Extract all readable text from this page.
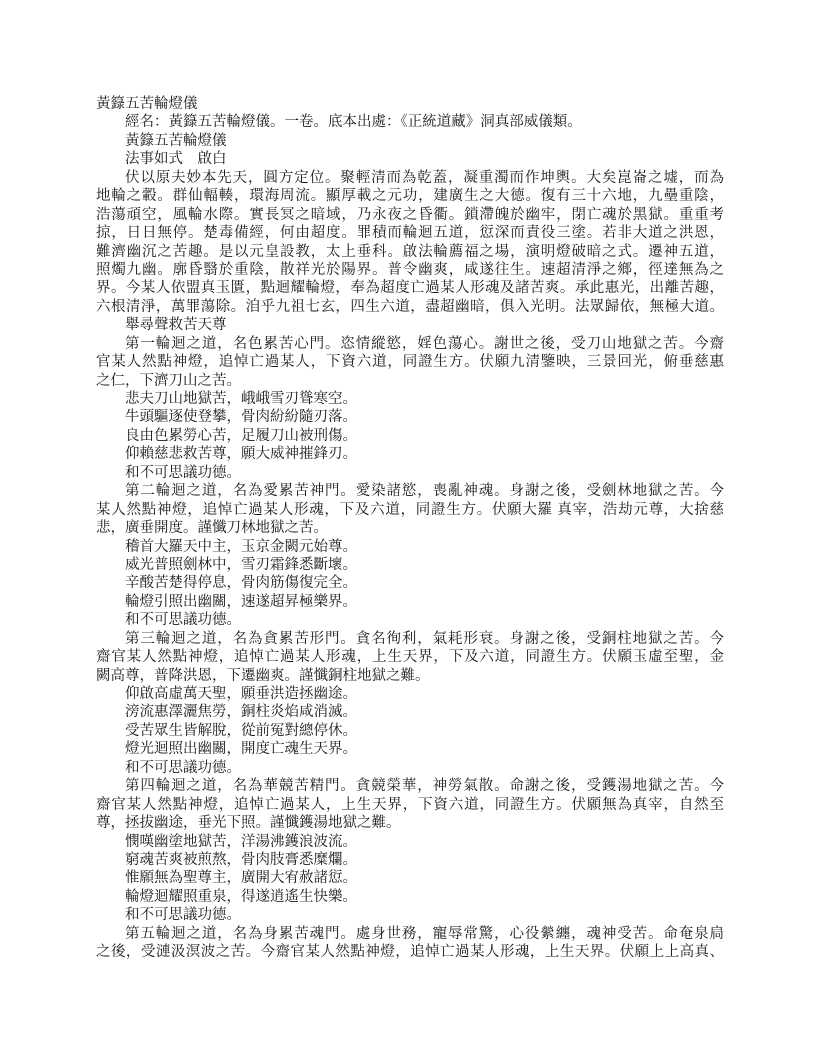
黃籙五苦輪燈儀
經名：黃籙五苦輪燈儀。一卷。底本出處：《正統道藏》洞真部威儀類。
黃籙五苦輪燈儀
法事如式　啟白
伏以原夫妙本先天，圓方定位。聚輕清而為乾蓋，凝重濁而作坤輿。大矣崑崙之墟，而為
地輪之轂。群仙輻輳，環海周流。顯厚載之元功，建廣生之大德。復有三十六地，九壘重陰，
浩蕩頑空，風輪水際。實長冥之暗域，乃永夜之昏衢。鎖滯魄於幽牢，閉亡魂於黑獄。重重考
掠，日日無停。楚毒備經，何由超度。罪積而輪迴五道，愆深而責役三塗。若非大道之洪恩，
難濟幽沉之苦趣。是以元皇設教，太上垂科。啟法輪薦福之場，演明燈破暗之式。遷神五道，
照燭九幽。廓昏翳於重陰，散祥光於陽界。普令幽爽，咸遂往生。速超清淨之鄉，徑達無為之
界。今某人依盟真玉匱，點迴耀輪燈，奉為超度亡過某人形魂及諸苦爽。承此惠光，出離苦趣，
六根清淨，萬罪蕩除。洎乎九祖七玄，四生六道，盡超幽暗，俱入光明。法眾歸依，無極大道。
舉尋聲救苦天尊
第一輪迴之道，名色累苦心門。恣情縱慾，婬色蕩心。謝世之後，受刀山地獄之苦。今齋
官某人然點神燈，追悼亡過某人，下資六道，同證生方。伏願九清鑒映，三景回光，俯垂慈惠
之仁，下濟刀山之苦。
悲夫刀山地獄苦，峨峨雪刃聳寒空。
牛頭驅逐使登攀，骨肉紛紛隨刃落。
良由色累勞心苦，足履刀山被刑傷。
仰賴慈悲救苦尊，願大威神摧鋒刃。
和不可思議功德。
第二輪迴之道，名為愛累苦神門。愛染諸慾，喪亂神魂。身謝之後，受劍林地獄之苦。今
某人然點神燈，追悼亡過某人形魂，下及六道，同證生方。伏願大羅 真宰，浩劫元尊，大捨慈
悲，廣垂開度。謹懺刀林地獄之苦。
稽首大羅天中主，玉京金闕元始尊。
威光普照劍林中，雪刃霜鋒悉斷壞。
辛酸苦楚得停息，骨肉筋傷復完全。
輪燈引照出幽關，速遂超昇極樂界。
和不可思議功德。
第三輪迴之道，名為貪累苦形門。貪名徇利，氣耗形衰。身謝之後，受銅柱地獄之苦。今
齋官某人然點神燈，追悼亡過某人形魂，上生天界，下及六道，同證生方。伏願玉虛至聖，金
闕高尊，普降洪恩，下遷幽爽。謹懺銅柱地獄之難。
仰啟高虛萬天聖，願垂洪造拯幽途。
滂流惠澤灑焦勞，銅柱炎焰咸消滅。
受苦眾生皆解脫，從前冤對總停休。
燈光迴照出幽關，開度亡魂生天界。
和不可思議功德。
第四輪迴之道，名為華競苦精門。貪競榮華，神勞氣散。命謝之後，受鑊湯地獄之苦。今
齋官某人然點神燈，追悼亡過某人，上生天界，下資六道，同證生方。伏願無為真宰，自然至
尊，拯拔幽途，垂光下照。謹懺鑊湯地獄之難。
憫嘆幽塗地獄苦，洋湯沸鑊浪波流。
窮魂苦爽被煎熬，骨肉肢膏悉糜爛。
惟願無為聖尊主，廣開大宥赦諸愆。
輪燈迴耀照重泉，得遂逍遙生快樂。
和不可思議功德。
第五輪迴之道，名為身累苦魂門。處身世務，寵辱常驚，心役縈纏，魂神受苦。命奄泉扃
之後，受漣汲溟波之苦。今齋官某人然點神燈，追悼亡過某人形魂，上生天界。伏願上上高真、
